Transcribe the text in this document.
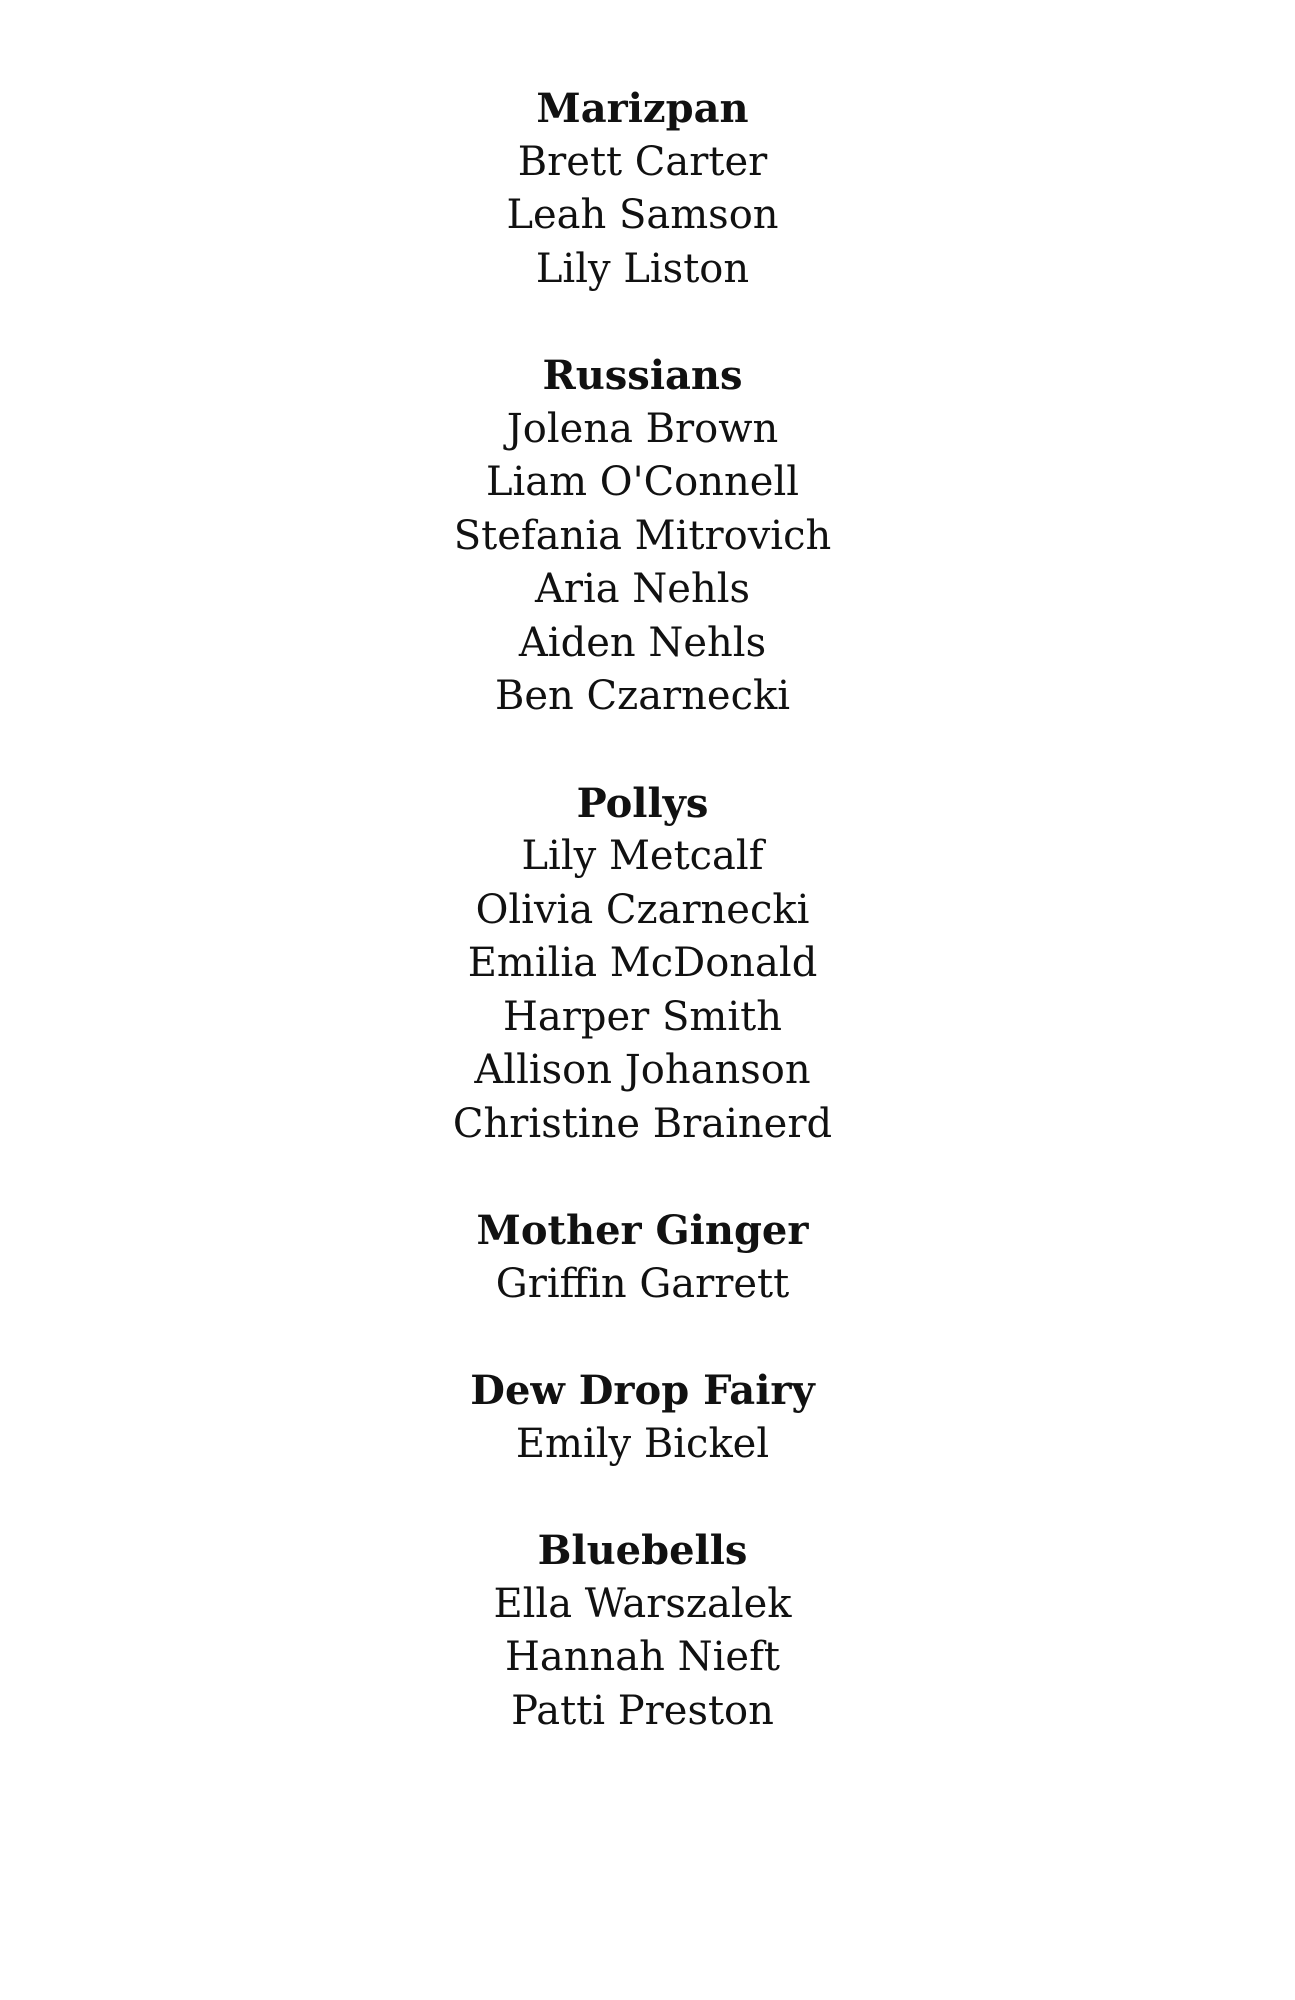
Marizpan
Brett Carter
Leah Samson
Lily Liston
Russians
Jolena Brown
Liam O'Connell
Stefania Mitrovich
Aria Nehls
Aiden Nehls
Ben Czarnecki
Pollys
Lily Metcalf
Olivia Czarnecki
Emilia McDonald
Harper Smith
Allison Johanson
Christine Brainerd
Mother Ginger
Griffin Garrett
Dew Drop Fairy
Emily Bickel
Bluebells
Ella Warszalek
Hannah Nieft
Patti Preston
